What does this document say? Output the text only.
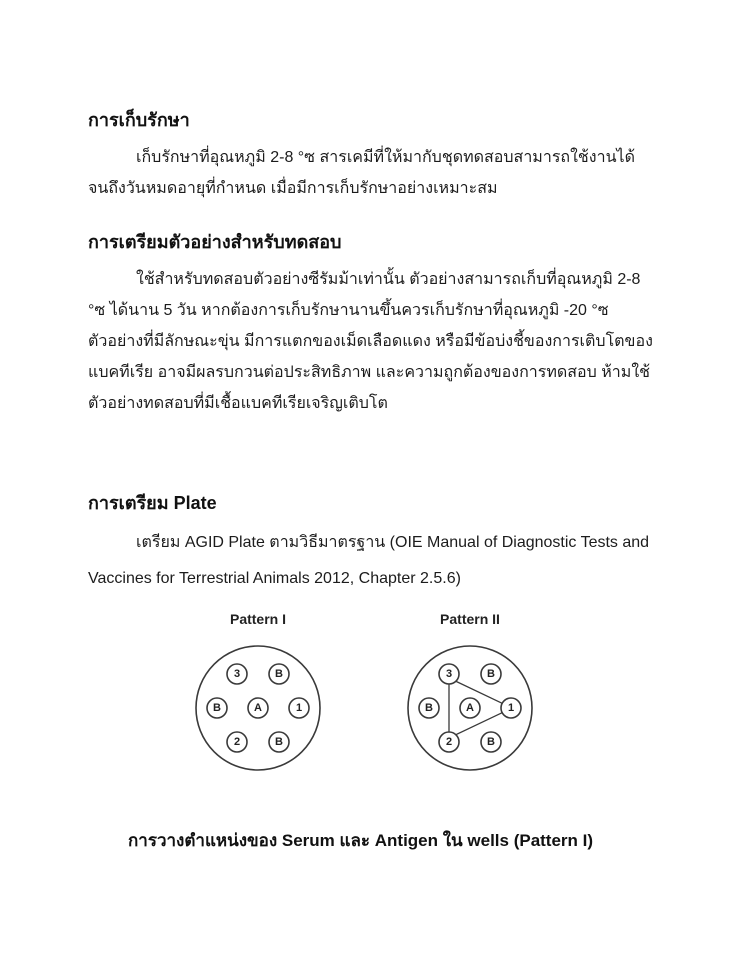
การเก็บรักษา

เก็บรักษาที่อุณหภูมิ 2-8 °ซ สารเคมีที่ให้มากับชุดทดสอบสามารถใช้งานได้ จนถึงวันหมดอายุที่กำหนด เมื่อมีการเก็บรักษาอย่างเหมาะสม

การเตรียมตัวอย่างสำหรับทดสอบ

ใช้สำหรับทดสอบตัวอย่างซีรัมม้าเท่านั้น ตัวอย่างสามารถเก็บที่อุณหภูมิ 2-8 °ซ ได้นาน 5 วัน หากต้องการเก็บรักษานานขึ้นควรเก็บรักษาที่อุณหภูมิ -20 °ซ ตัวอย่างที่มีลักษณะขุ่น มีการแตกของเม็ดเลือดแดง หรือมีข้อบ่งชี้ของการเติบโตของแบคทีเรีย อาจมีผลรบกวนต่อประสิทธิภาพ และความถูกต้องของการทดสอบ ห้ามใช้ตัวอย่างทดสอบที่มีเชื้อแบคทีเรียเจริญเติบโต

การเตรียม Plate

เตรียม AGID Plate ตามวิธีมาตรฐาน (OIE Manual of Diagnostic Tests and Vaccines for Terrestrial Animals 2012, Chapter 2.5.6)

Pattern I
3	B
B	A	1
2	B
Pattern II
3	B
B	A	1
2	B
การวางตำแหน่งของ Serum และ Antigen ใน wells (Pattern I)
